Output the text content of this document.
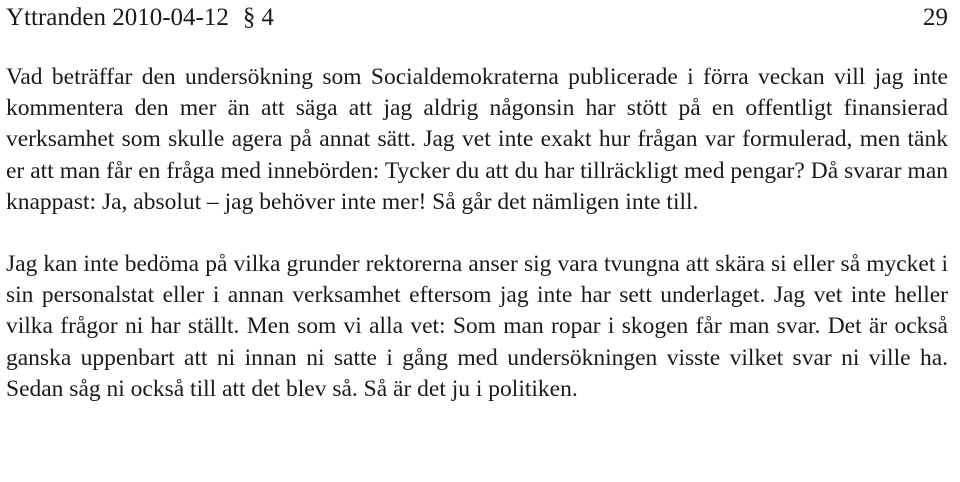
Yttranden 2010-04-12 § 4	29

Vad beträffar den undersökning som Socialdemokraterna publicerade i förra veckan vill jag inte kommentera den mer än att säga att jag aldrig någonsin har stött på en offentligt finansierad verksamhet som skulle agera på annat sätt. Jag vet inte exakt hur frågan var formulerad, men tänk er att man får en fråga med innebörden: Tycker du att du har tillräckligt med pengar? Då svarar man knappast: Ja, absolut – jag behöver inte mer! Så går det nämligen inte till.

Jag kan inte bedöma på vilka grunder rektorerna anser sig vara tvungna att skära si eller så mycket i sin personalstat eller i annan verksamhet eftersom jag inte har sett underlaget. Jag vet inte heller vilka frågor ni har ställt. Men som vi alla vet: Som man ropar i skogen får man svar. Det är också ganska uppenbart att ni innan ni satte i gång med undersökningen visste vilket svar ni ville ha. Sedan såg ni också till att det blev så. Så är det ju i politiken.
